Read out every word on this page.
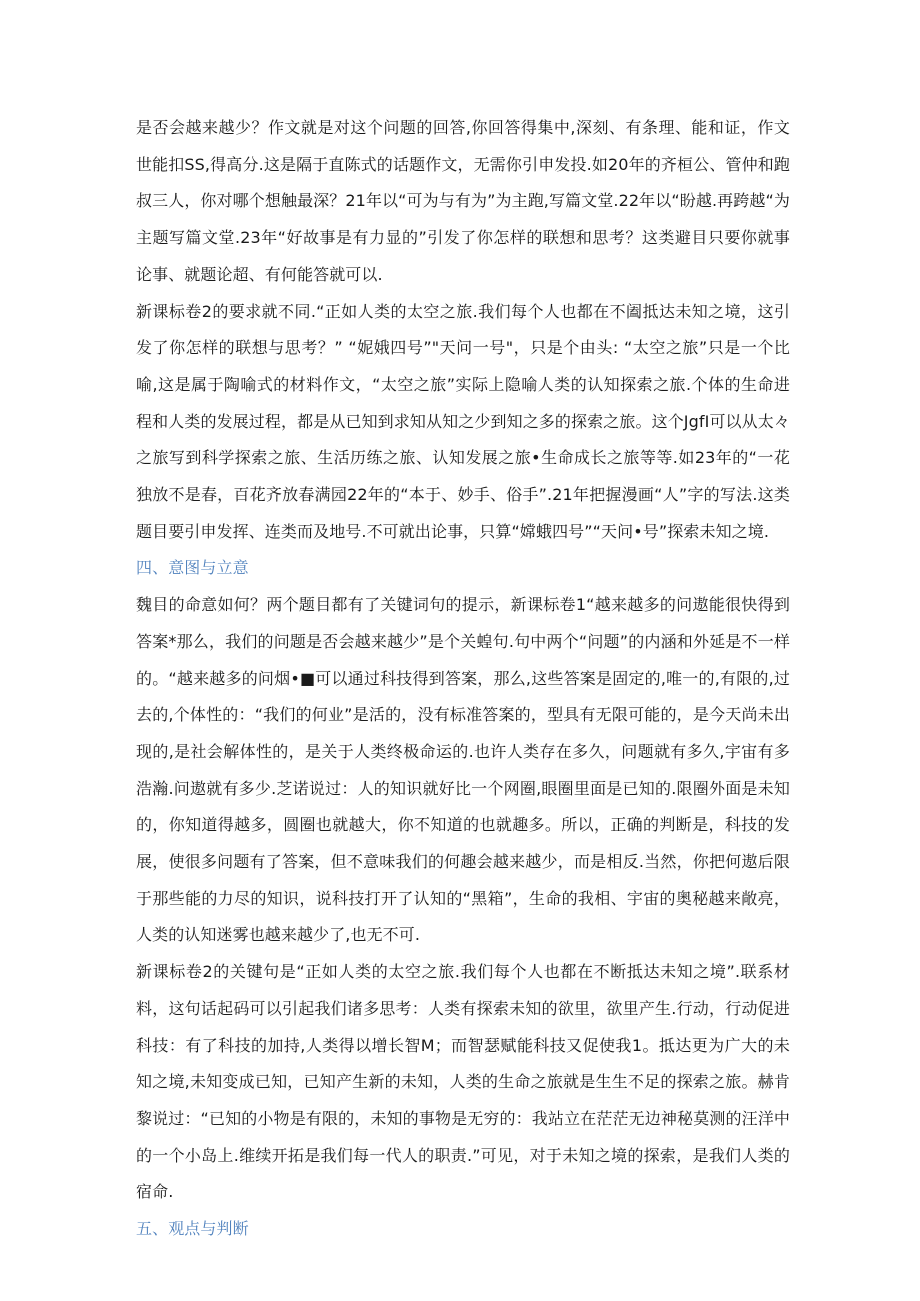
是否会越来越少？作文就是对这个问题的回答,你回答得集中,深刻、有条理、能和证，作文世能扣SS,得高分.这是隔于直陈式的话题作文，无需你引申发投.如20年的齐桓公、管仲和跑叔三人，你对哪个想触最深？21年以“可为与有为”为主跑,写篇文堂.22年以“盼越.再跨越“为主题写篇文堂.23年“好故事是有力显的”引发了你怎样的联想和思考？这类避目只要你就事论事、就题论超、有何能答就可以.

新课标卷2的要求就不同.“正如人类的太空之旅.我们每个人也都在不阖抵达未知之境，这引发了你怎样的联想与思考？” “妮娥四号”"天问一号"，只是个由头: “太空之旅”只是一个比喻,这是属于陶喻式的材料作文，“太空之旅”实际上隐喻人类的认知探索之旅.个体的生命进程和人类的发展过程，都是从已知到求知从知之少到知之多的探索之旅。这个JgfI可以从太々之旅写到科学探索之旅、生活历练之旅、认知发展之旅•生命成长之旅等等.如23年的“一花独放不是春，百花齐放春满园22年的“本于、妙手、俗手”.21年把握漫画“人”字的写法.这类题目要引申发挥、连类而及地号.不可就出论事，只算“嫦蛾四号”“天问•号”探索未知之境.

四、意图与立意

魏目的命意如何？两个题目都有了关键词句的提示，新课标卷1“越来越多的问遨能很快得到答案*那么，我们的问题是否会越来越少”是个关蝗句.句中两个“问题”的内涵和外延是不一样的。“越来越多的问烟•■可以通过科技得到答案，那么,这些答案是固定的,唯一的,有限的,过去的,个体性的：“我们的何业”是活的，没有标准答案的，型具有无限可能的，是今天尚未出现的,是社会解体性的，是关于人类终极命运的.也许人类存在多久，问题就有多久,宇宙有多浩瀚.问遨就有多少.芝诺说过：人的知识就好比一个网圈,眼圈里面是已知的.限圈外面是未知的，你知道得越多，圆圈也就越大，你不知道的也就趣多。所以，正确的判断是，科技的发展，使很多问题有了答案，但不意味我们的何趣会越来越少，而是相反.当然，你把何遨后限于那些能的力尽的知识，说科技打开了认知的“黑箱”，生命的我相、宇宙的奥秘越来敞亮，人类的认知迷雾也越来越少了,也无不可.

新课标卷2的关键句是“正如人类的太空之旅.我们每个人也都在不断抵达未知之境”.联系材料，这句话起码可以引起我们诸多思考：人类有探索未知的欲里，欲里产生.行动，行动促进科技：有了科技的加持,人类得以增长智M；而智瑟赋能科技又促使我1。抵达更为广大的未知之境,未知变成已知，已知产生新的未知，人类的生命之旅就是生生不足的探索之旅。赫肯黎说过：“已知的小物是有限的，未知的事物是无穷的：我站立在茫茫无边神秘莫测的汪洋中的一个小岛上.维续开拓是我们每一代人的职责.”可见，对于未知之境的探索，是我们人类的宿命.

五、观点与判断
